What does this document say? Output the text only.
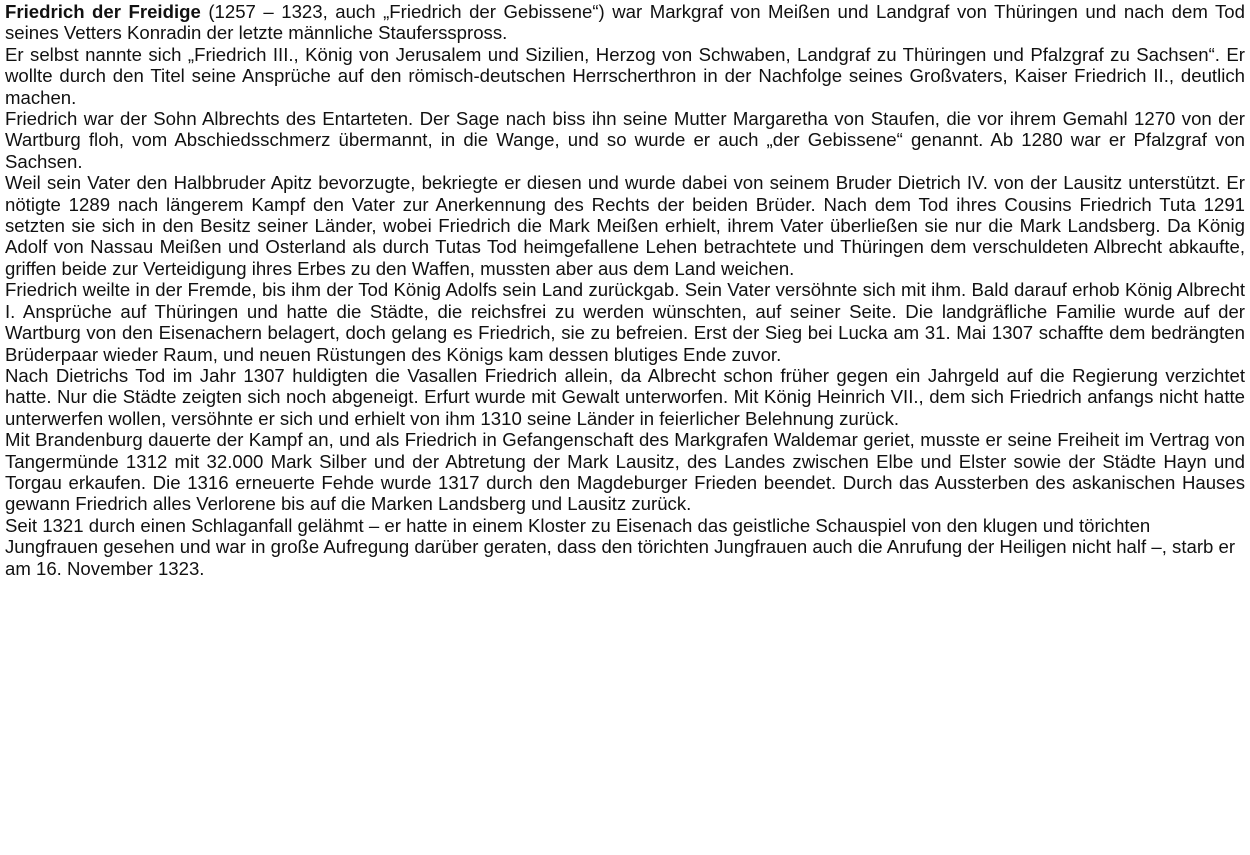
Friedrich der Freidige (1257 – 1323, auch „Friedrich der Gebissene“) war Markgraf von Meißen und Landgraf von Thüringen und nach dem Tod seines Vetters Konradin der letzte männliche Staufersspross.

Er selbst nannte sich „Friedrich III., König von Jerusalem und Sizilien, Herzog von Schwaben, Landgraf zu Thüringen und Pfalzgraf zu Sachsen“. Er wollte durch den Titel seine Ansprüche auf den römisch-deutschen Herrscherthron in der Nachfolge seines Großvaters, Kaiser Friedrich II., deutlich machen.

Friedrich war der Sohn Albrechts des Entarteten. Der Sage nach biss ihn seine Mutter Margaretha von Staufen, die vor ihrem Gemahl 1270 von der Wartburg floh, vom Abschiedsschmerz übermannt, in die Wange, und so wurde er auch „der Gebissene“ genannt. Ab 1280 war er Pfalzgraf von Sachsen.

Weil sein Vater den Halbbruder Apitz bevorzugte, bekriegte er diesen und wurde dabei von seinem Bruder Dietrich IV. von der Lausitz unterstützt. Er nötigte 1289 nach längerem Kampf den Vater zur Anerkennung des Rechts der beiden Brüder. Nach dem Tod ihres Cousins Friedrich Tuta 1291 setzten sie sich in den Besitz seiner Länder, wobei Friedrich die Mark Meißen erhielt, ihrem Vater überließen sie nur die Mark Landsberg. Da König Adolf von Nassau Meißen und Osterland als durch Tutas Tod heimgefallene Lehen betrachtete und Thüringen dem verschuldeten Albrecht abkaufte, griffen beide zur Verteidigung ihres Erbes zu den Waffen, mussten aber aus dem Land weichen.

Friedrich weilte in der Fremde, bis ihm der Tod König Adolfs sein Land zurückgab. Sein Vater versöhnte sich mit ihm. Bald darauf erhob König Albrecht I. Ansprüche auf Thüringen und hatte die Städte, die reichsfrei zu werden wünschten, auf seiner Seite. Die landgräfliche Familie wurde auf der Wartburg von den Eisenachern belagert, doch gelang es Friedrich, sie zu befreien. Erst der Sieg bei Lucka am 31. Mai 1307 schaffte dem bedrängten Brüderpaar wieder Raum, und neuen Rüstungen des Königs kam dessen blutiges Ende zuvor.

Nach Dietrichs Tod im Jahr 1307 huldigten die Vasallen Friedrich allein, da Albrecht schon früher gegen ein Jahrgeld auf die Regierung verzichtet hatte. Nur die Städte zeigten sich noch abgeneigt. Erfurt wurde mit Gewalt unterworfen. Mit König Heinrich VII., dem sich Friedrich anfangs nicht hatte unterwerfen wollen, versöhnte er sich und erhielt von ihm 1310 seine Länder in feierlicher Belehnung zurück.

Mit Brandenburg dauerte der Kampf an, und als Friedrich in Gefangenschaft des Markgrafen Waldemar geriet, musste er seine Freiheit im Vertrag von Tangermünde 1312 mit 32.000 Mark Silber und der Abtretung der Mark Lausitz, des Landes zwischen Elbe und Elster sowie der Städte Hayn und Torgau erkaufen. Die 1316 erneuerte Fehde wurde 1317 durch den Magdeburger Frieden beendet. Durch das Aussterben des askanischen Hauses gewann Friedrich alles Verlorene bis auf die Marken Landsberg und Lausitz zurück.

Seit 1321 durch einen Schlaganfall gelähmt – er hatte in einem Kloster zu Eisenach das geistliche Schauspiel von den klugen und törichten Jungfrauen gesehen und war in große Aufregung darüber geraten, dass den törichten Jungfrauen auch die Anrufung der Heiligen nicht half –, starb er am 16. November 1323.
